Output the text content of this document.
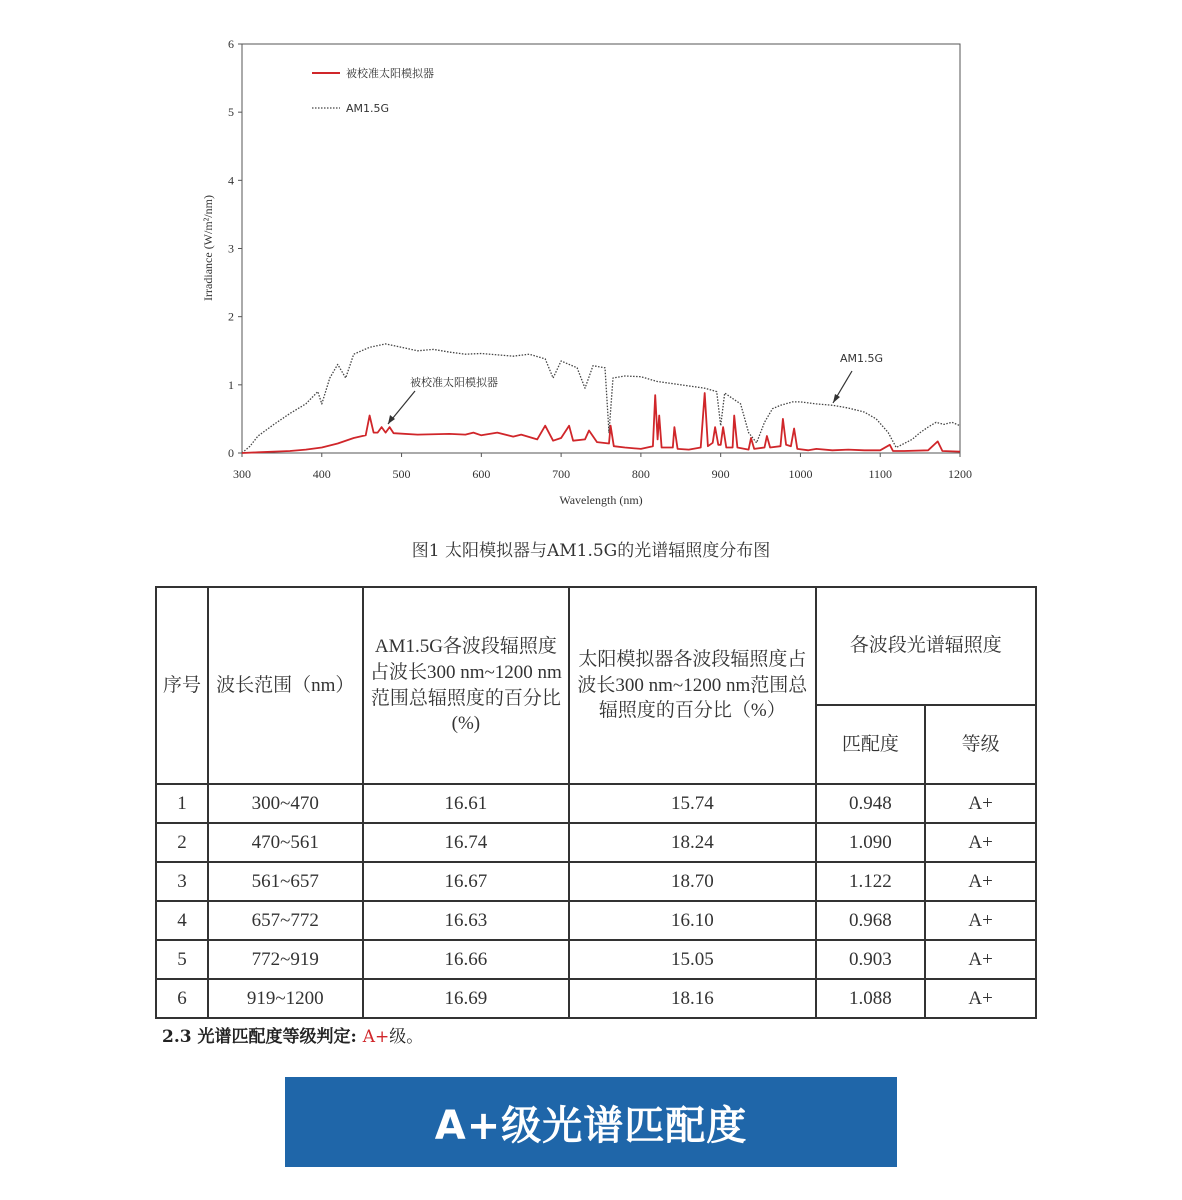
0
1
2
3
4
5
6
300	400	500	600	700	800	900	1000	1100	1200
被校准太阳模拟器
AM1.5G
被校准太阳模拟器
AM1.5G
Wavelength (nm)
Irradiance (W/m²/nm)
图1 太阳模拟器与AM1.5G的光谱辐照度分布图
序号	波长范围（nm）	AM1.5G各波段辐照度占波长300 nm~1200 nm范围总辐照度的百分比(%)	太阳模拟器各波段辐照度占波长300 nm~1200 nm范围总辐照度的百分比（%）	各波段光谱辐照度	
				匹配度	等级
1	300~470	16.61	15.74	0.948	A+
2	470~561	16.74	18.24	1.090	A+
3	561~657	16.67	18.70	1.122	A+
4	657~772	16.63	16.10	0.968	A+
5	772~919	16.66	15.05	0.903	A+
6	919~1200	16.69	18.16	1.088	A+
2.3 光谱匹配度等级判定: A+级。
A+级光谱匹配度
